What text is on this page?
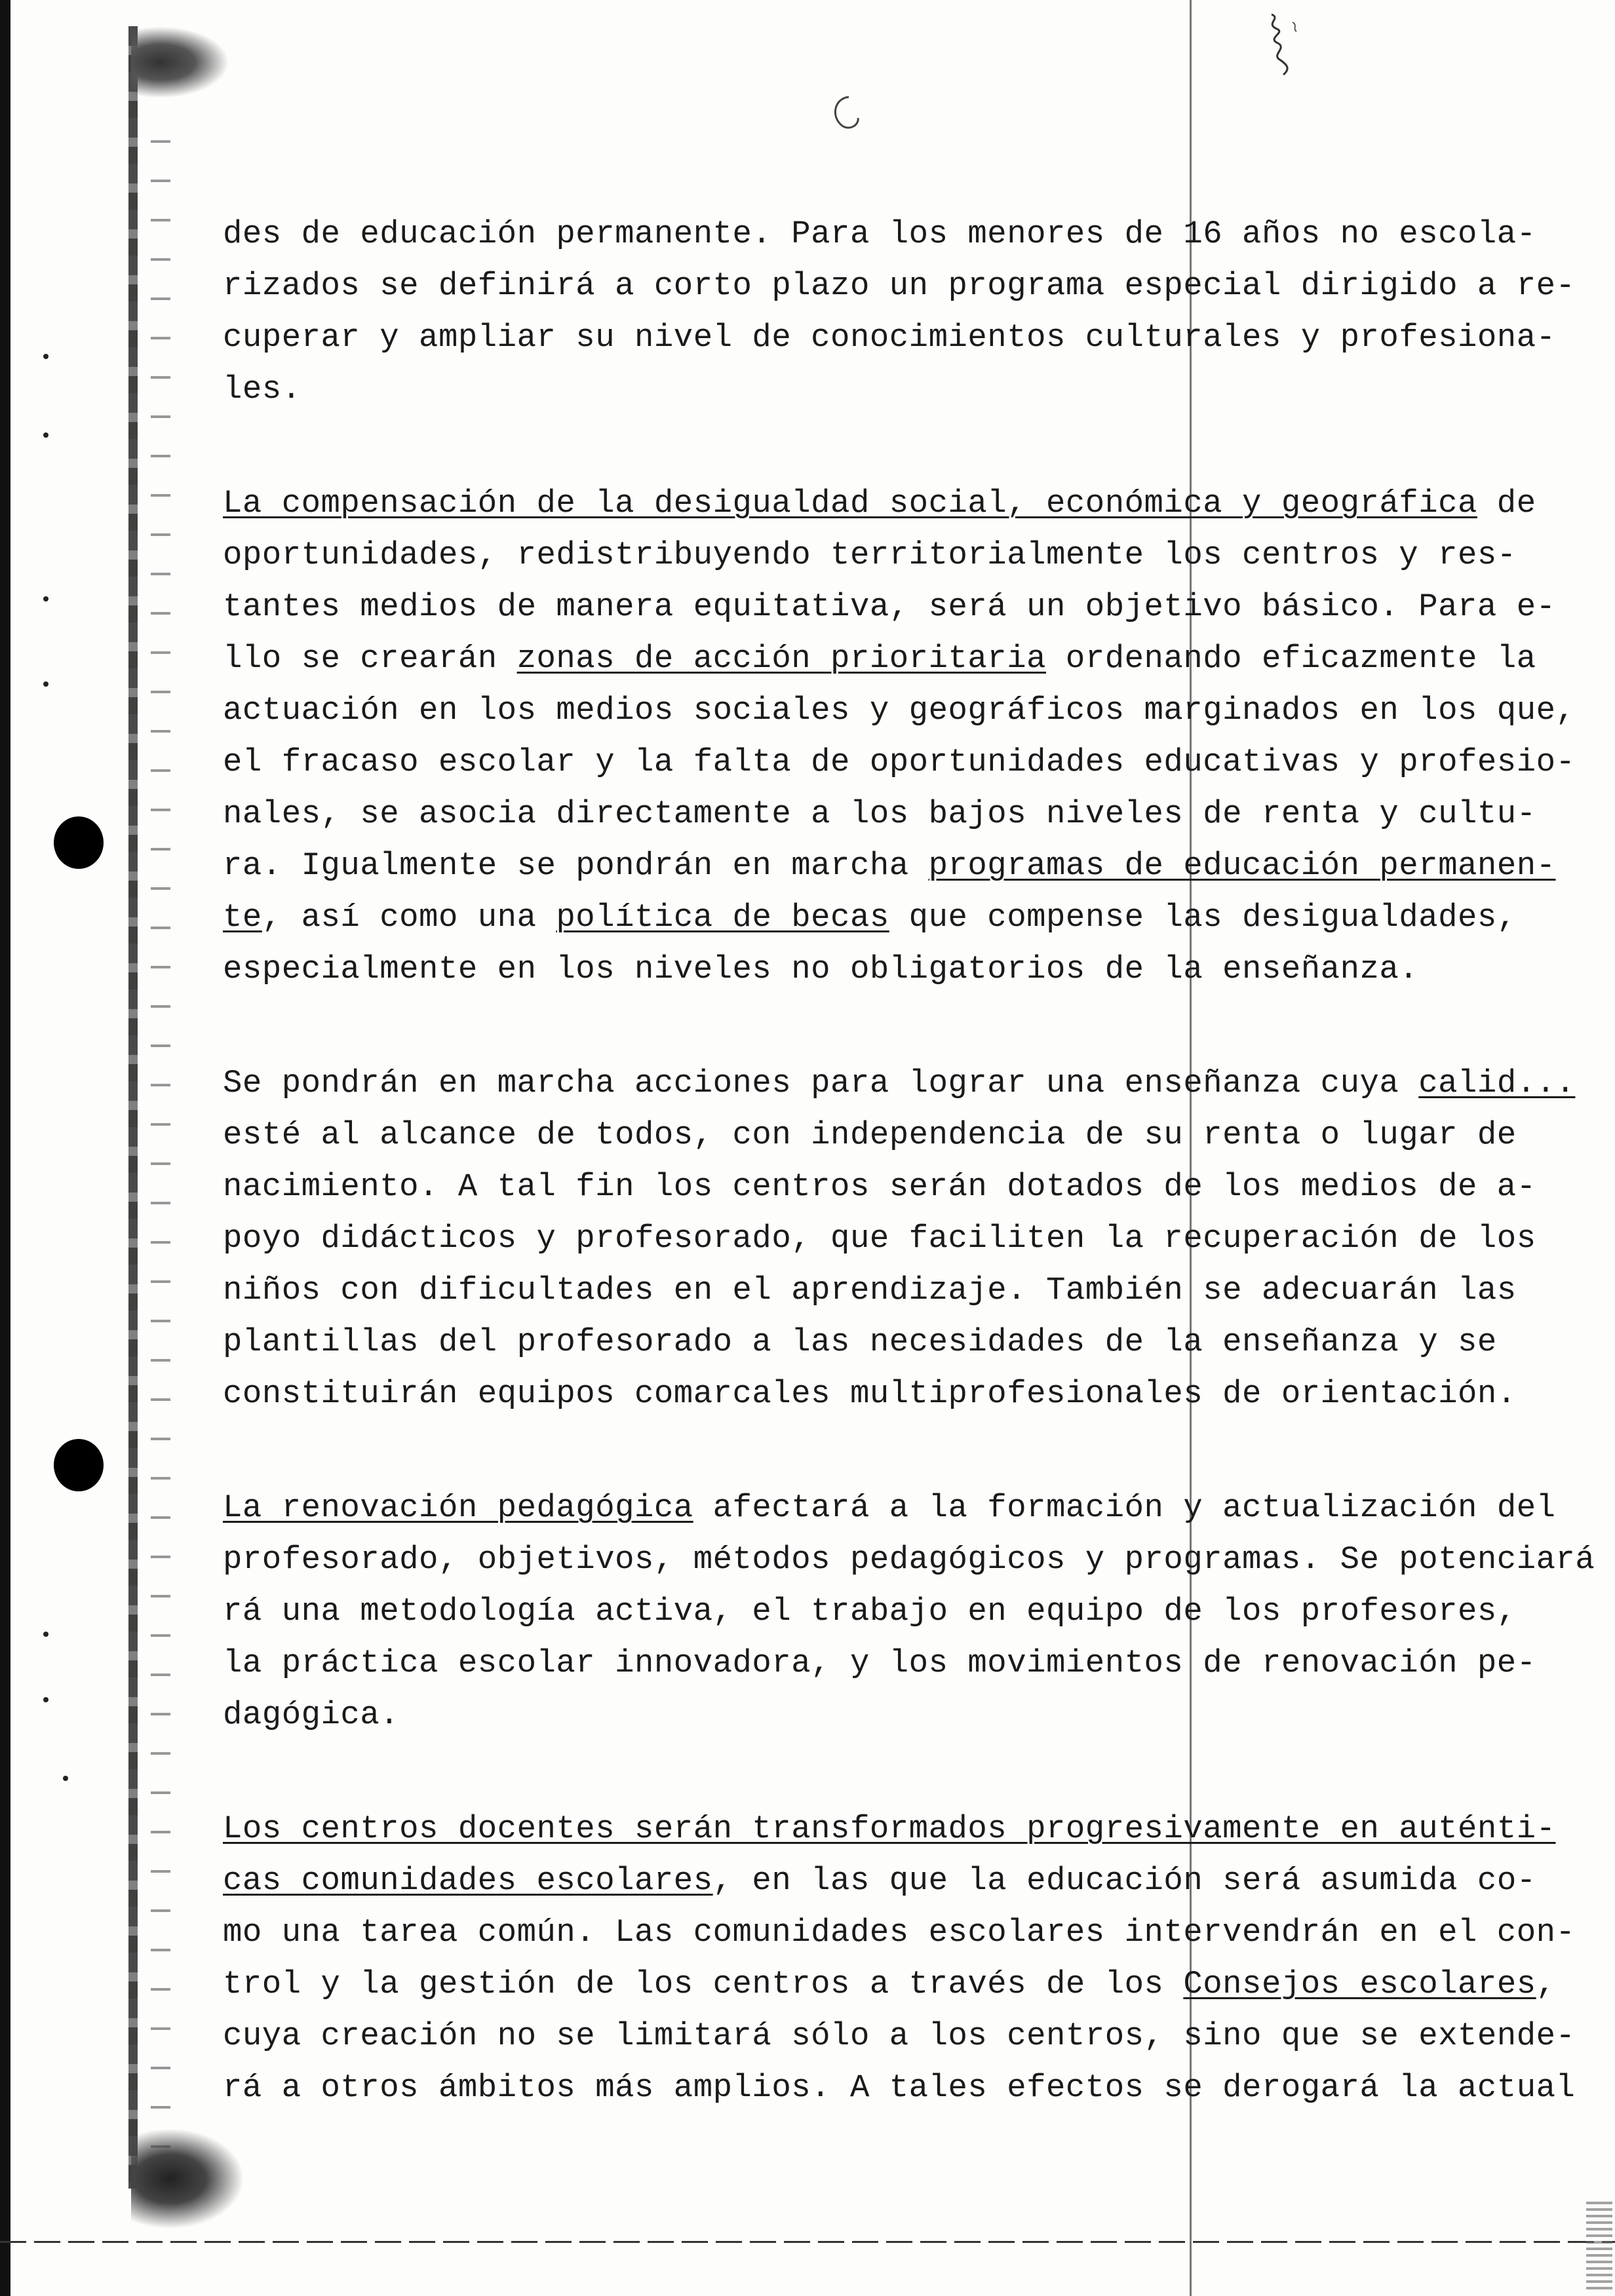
des de educación permanente. Para los menores de 16 años no escola-
rizados se definirá a corto plazo un programa especial dirigido a re-
cuperar y ampliar su nivel de conocimientos culturales y profesiona-
les.
La compensación de la desigualdad social, económica y geográfica de
oportunidades, redistribuyendo territorialmente los centros y res-
tantes medios de manera equitativa, será un objetivo básico. Para e-
llo se crearán zonas de acción prioritaria ordenando eficazmente la
actuación en los medios sociales y geográficos marginados en los que,
el fracaso escolar y la falta de oportunidades educativas y profesio-
nales, se asocia directamente a los bajos niveles de renta y cultu-
ra. Igualmente se pondrán en marcha programas de educación permanen-
te, así como una política de becas que compense las desigualdades,
especialmente en los niveles no obligatorios de la enseñanza.
Se pondrán en marcha acciones para lograr una enseñanza cuya calid...
esté al alcance de todos, con independencia de su renta o lugar de
nacimiento. A tal fin los centros serán dotados de los medios de a-
poyo didácticos y profesorado, que faciliten la recuperación de los
niños con dificultades en el aprendizaje. También se adecuarán las
plantillas del profesorado a las necesidades de la enseñanza y se
constituirán equipos comarcales multiprofesionales de orientación.
La renovación pedagógica afectará a la formación y actualización del
profesorado, objetivos, métodos pedagógicos y programas. Se potenciará
rá una metodología activa, el trabajo en equipo de los profesores,
la práctica escolar innovadora, y los movimientos de renovación pe-
dagógica.
Los centros docentes serán transformados progresivamente en auténti-
cas comunidades escolares, en las que la educación será asumida co-
mo una tarea común. Las comunidades escolares intervendrán en el con-
trol y la gestión de los centros a través de los Consejos escolares,
cuya creación no se limitará sólo a los centros, sino que se extende-
rá a otros ámbitos más amplios. A tales efectos se derogará la actual
